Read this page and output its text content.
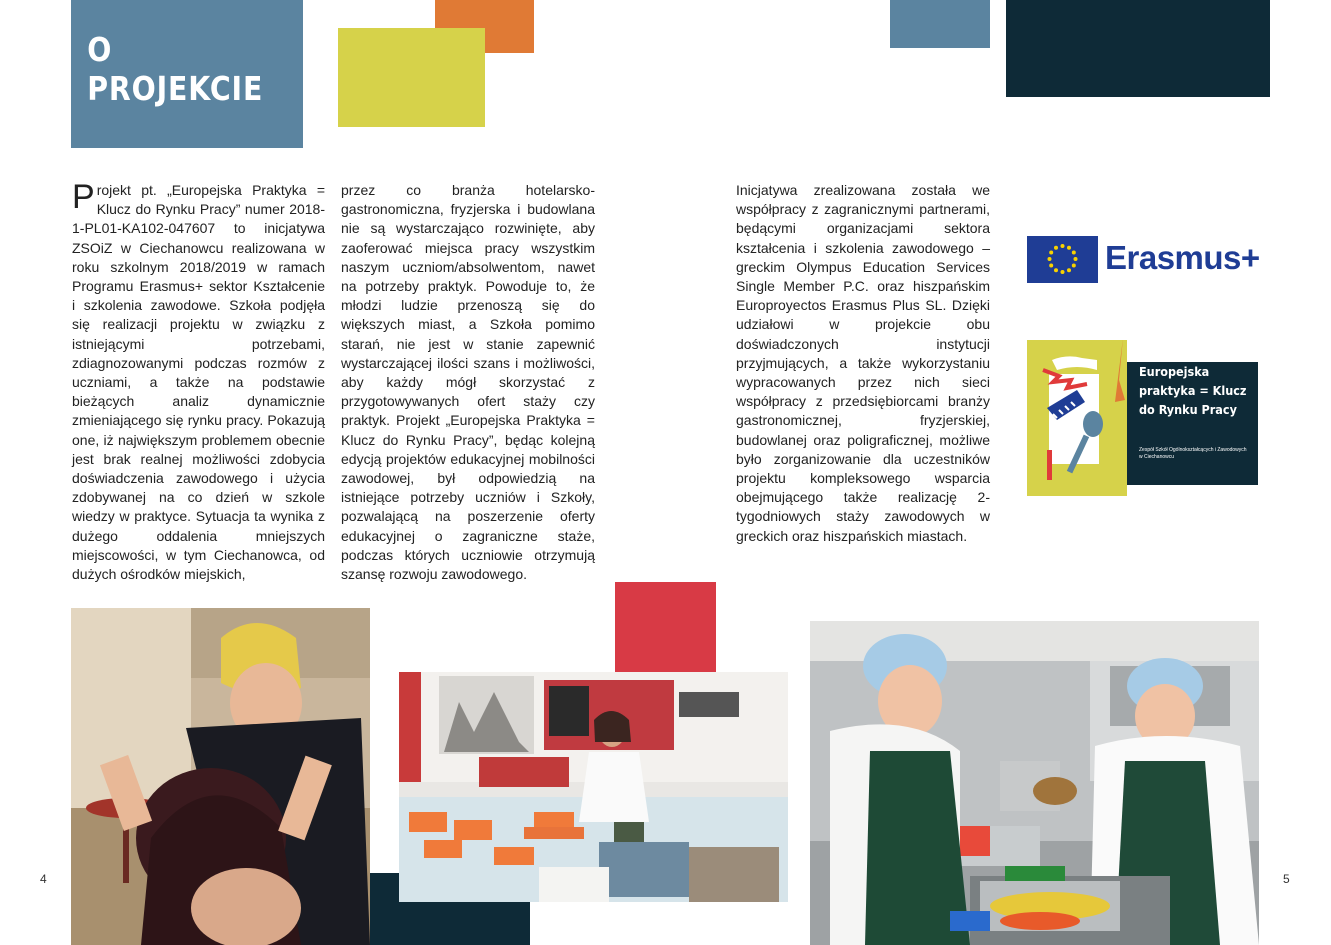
O PROJEKCIE

Projekt pt. „Europejska Praktyka = Klucz do Rynku Pracy” numer 2018-1-PL01-KA102-047607 to inicjatywa ZSOiZ w Ciechanowcu realizowana w roku szkolnym 2018/2019 w ramach Programu Erasmus+ sektor Kształcenie i szkolenia zawodowe. Szkoła podjęła się realizacji projektu w związku z istniejącymi potrzebami, zdiagnozowanymi podczas rozmów z uczniami, a także na podstawie bieżących analiz dynamicznie zmieniającego się rynku pracy. Pokazują one, iż największym problemem obecnie jest brak realnej możliwości zdobycia doświadczenia zawodowego i użycia zdobywanej na co dzień w szkole wiedzy w praktyce. Sytuacja ta wynika z dużego oddalenia mniejszych miejscowości, w tym Ciechanowca, od dużych ośrodków miejskich,

przez co branża hotelarsko-gastronomiczna, fryzjerska i budowlana nie są wystarczająco rozwinięte, aby zaoferować miejsca pracy wszystkim naszym uczniom/absolwentom, nawet na potrzeby praktyk. Powoduje to, że młodzi ludzie przenoszą się do większych miast, a Szkoła pomimo starań, nie jest w stanie zapewnić wystarczającej ilości szans i możliwości, aby każdy mógł skorzystać z przygotowywanych ofert staży czy praktyk. Projekt „Europejska Praktyka = Klucz do Rynku Pracy”, będąc kolejną edycją projektów edukacyjnej mobilności zawodowej, był odpowiedzią na istniejące potrzeby uczniów i Szkoły, pozwalającą na poszerzenie oferty edukacyjnej o zagraniczne staże, podczas których uczniowie otrzymują szansę rozwoju zawodowego.

Inicjatywa zrealizowana została we współpracy z zagranicznymi partnerami, będącymi organizacjami sektora kształcenia i szkolenia zawodowego – greckim Olympus Education Services Single Member P.C. oraz hiszpańskim Europroyectos Erasmus Plus SL. Dzięki udziałowi w projekcie obu doświadczonych instytucji przyjmujących, a także wykorzystaniu wypracowanych przez nich sieci współpracy z przedsiębiorcami branży gastronomicznej, fryzjerskiej, budowlanej oraz poligraficznej, możliwe było zorganizowanie dla uczestników projektu kompleksowego wsparcia obejmującego także realizację 2-tygodniowych staży zawodowych w greckich oraz hiszpańskich miastach.

Erasmus+
Europejska praktyka = Klucz do Rynku Pracy
Zespół Szkół Ogólnokształcących i Zawodowych w Ciechanowcu
4	5
